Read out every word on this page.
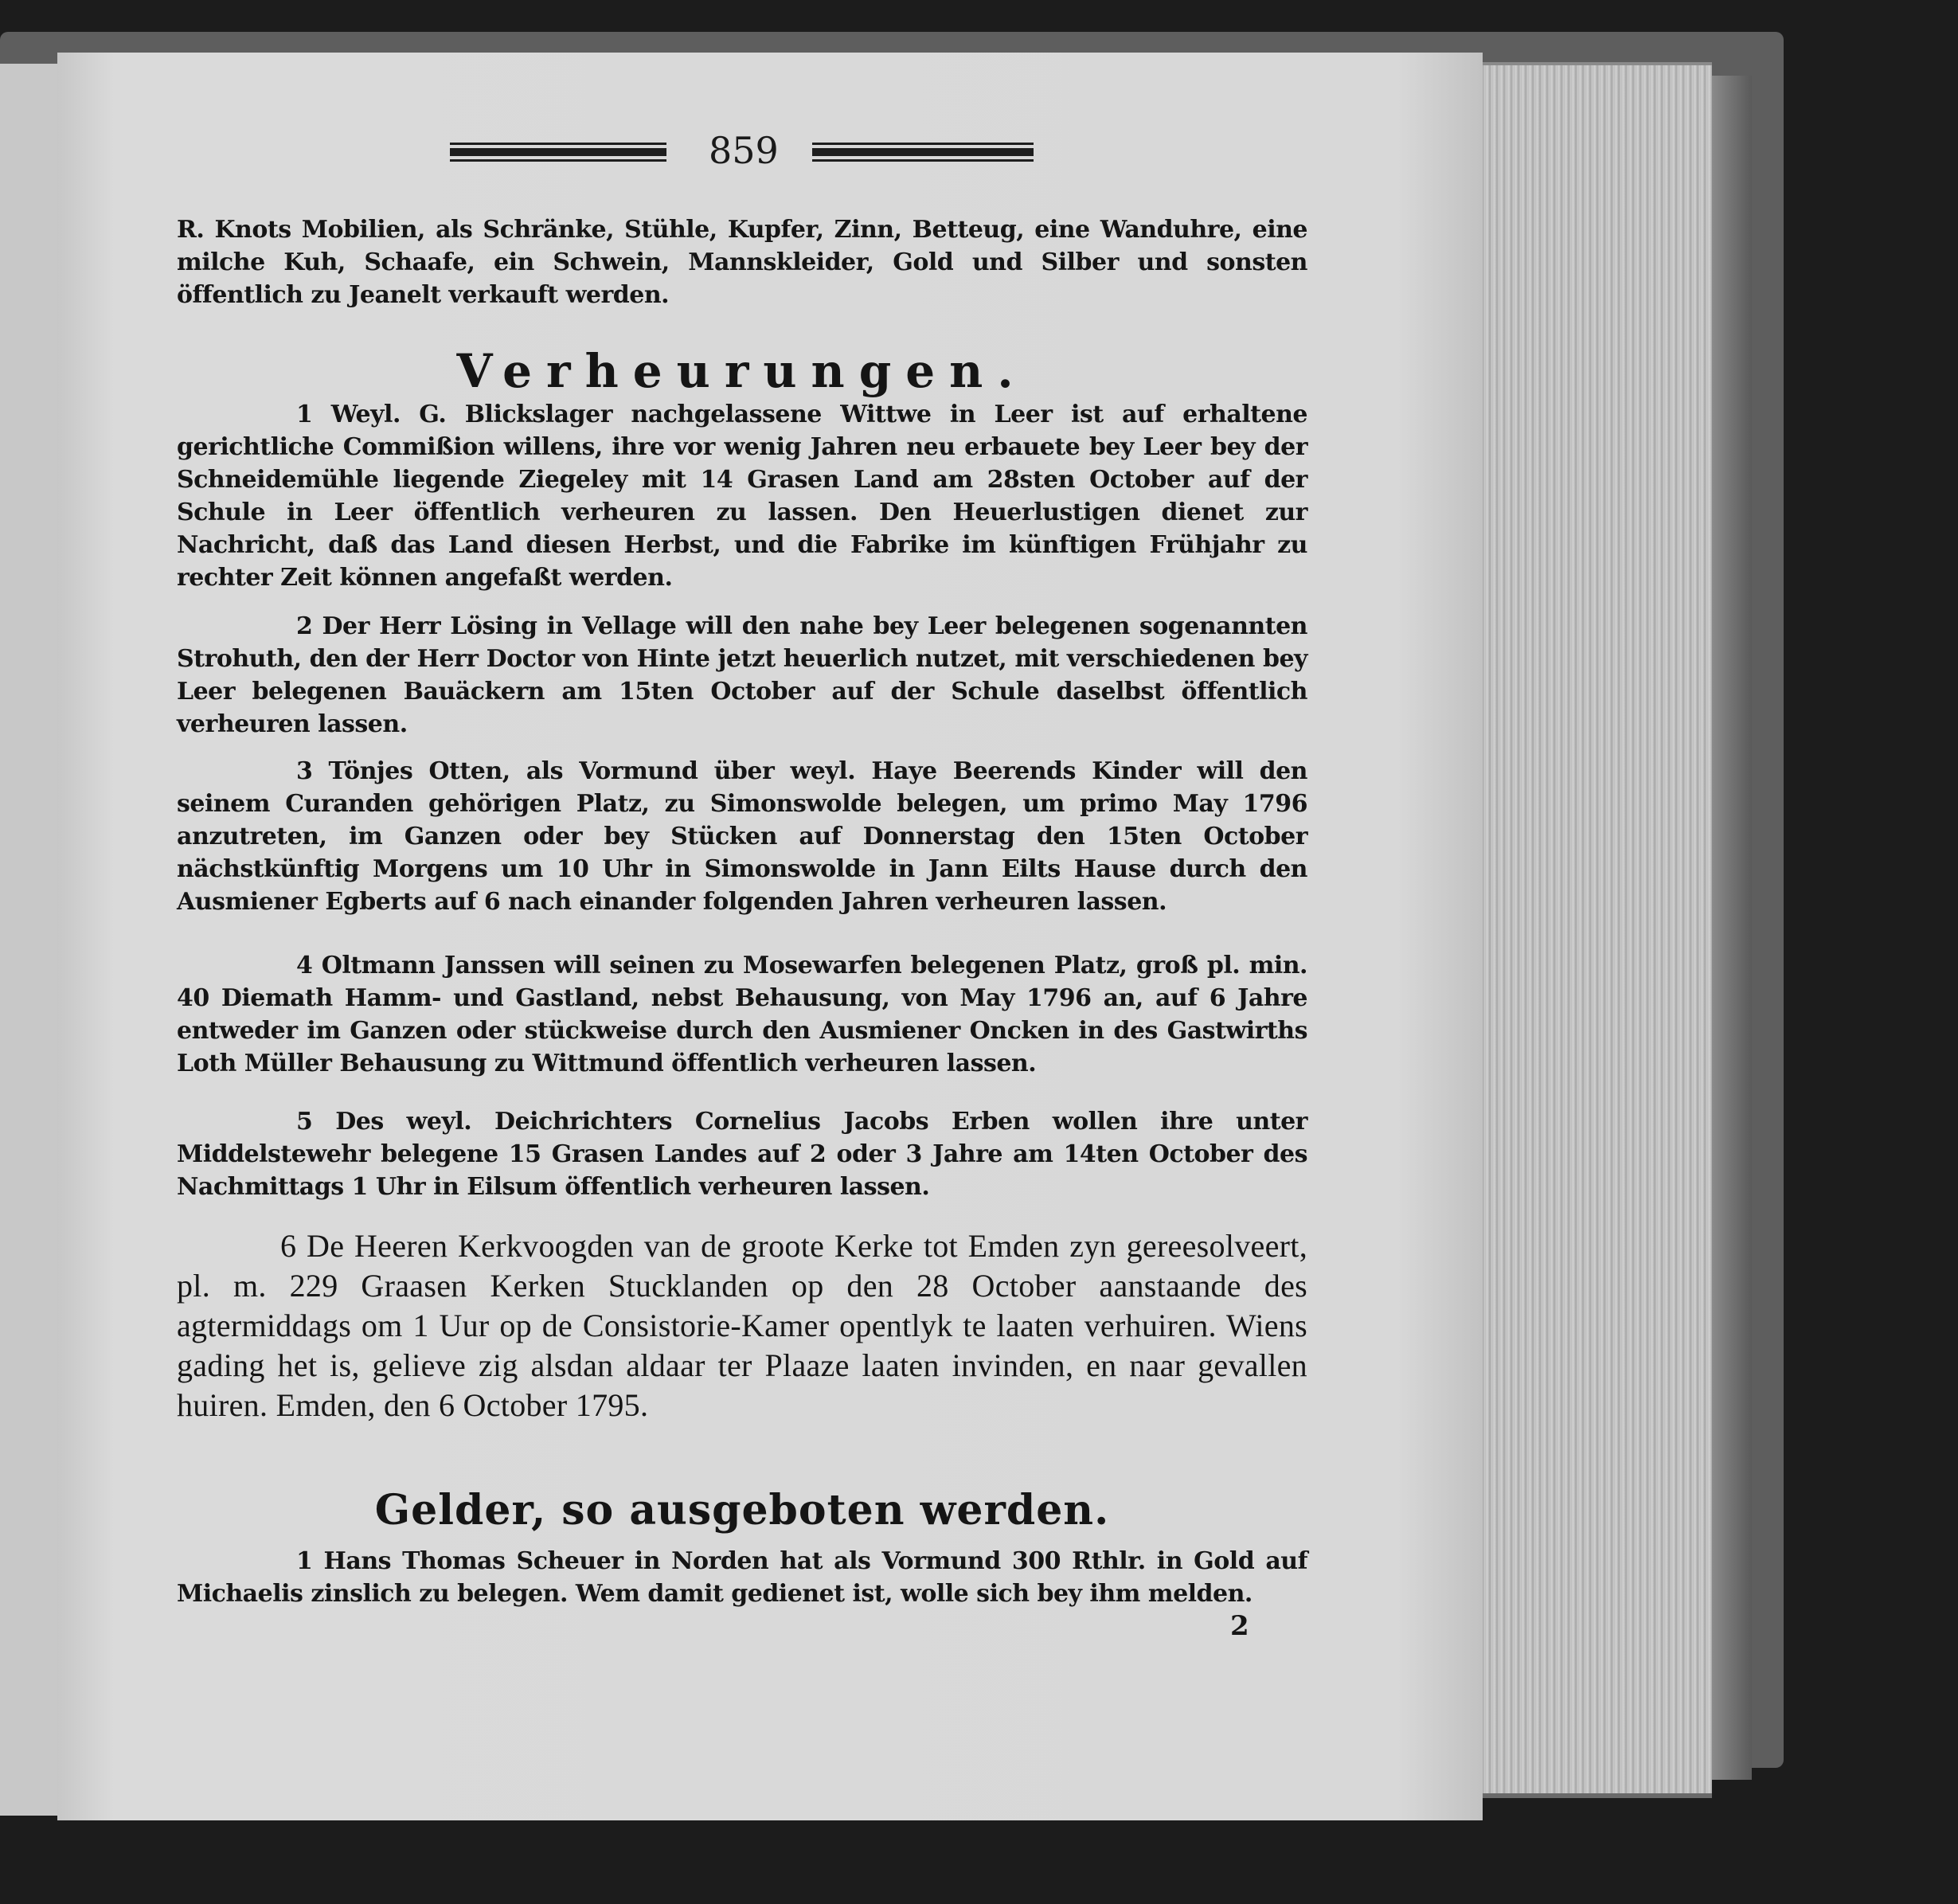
859
R. Knots Mobilien, als Schränke, Stühle, Kupfer, Zinn, Betteug, eine Wanduhre, eine milche Kuh, Schaafe, ein Schwein, Mannskleider, Gold und Silber und sonsten öffentlich zu Jeanelt verkauft werden.
Verheurungen.
1 Weyl. G. Blickslager nachgelassene Wittwe in Leer ist auf erhaltene gerichtliche Commißion willens, ihre vor wenig Jahren neu erbauete bey Leer bey der Schneidemühle liegende Ziegeley mit 14 Grasen Land am 28sten October auf der Schule in Leer öffentlich verheuren zu lassen. Den Heuerlustigen dienet zur Nachricht, daß das Land diesen Herbst, und die Fabrike im künftigen Frühjahr zu rechter Zeit können angefaßt werden.
2 Der Herr Lösing in Vellage will den nahe bey Leer belegenen sogenannten Strohuth, den der Herr Doctor von Hinte jetzt heuerlich nutzet, mit verschiedenen bey Leer belegenen Bauäckern am 15ten October auf der Schule daselbst öffentlich verheuren lassen.
3 Tönjes Otten, als Vormund über weyl. Haye Beerends Kinder will den seinem Curanden gehörigen Platz, zu Simonswolde belegen, um primo May 1796 anzutreten, im Ganzen oder bey Stücken auf Donnerstag den 15ten October nächstkünftig Morgens um 10 Uhr in Simonswolde in Jann Eilts Hause durch den Ausmiener Egberts auf 6 nach einander folgenden Jahren verheuren lassen.
4 Oltmann Janssen will seinen zu Mosewarfen belegenen Platz, groß pl. min. 40 Diemath Hamm- und Gastland, nebst Behausung, von May 1796 an, auf 6 Jahre entweder im Ganzen oder stückweise durch den Ausmiener Oncken in des Gastwirths Loth Müller Behausung zu Wittmund öffentlich verheuren lassen.
5 Des weyl. Deichrichters Cornelius Jacobs Erben wollen ihre unter Middelstewehr belegene 15 Grasen Landes auf 2 oder 3 Jahre am 14ten October des Nachmittags 1 Uhr in Eilsum öffentlich verheuren lassen.
6 De Heeren Kerkvoogden van de groote Kerke tot Emden zyn gereesolveert, pl. m. 229 Graasen Kerken Stucklanden op den 28 October aanstaande des agtermiddags om 1 Uur op de Consistorie-Kamer opentlyk te laaten verhuiren. Wiens gading het is, gelieve zig alsdan aldaar ter Plaaze laaten invinden, en naar gevallen huiren. Emden, den 6 October 1795.
Gelder, so ausgeboten werden.
1 Hans Thomas Scheuer in Norden hat als Vormund 300 Rthlr. in Gold auf Michaelis zinslich zu belegen. Wem damit gedienet ist, wolle sich bey ihm melden.
2
